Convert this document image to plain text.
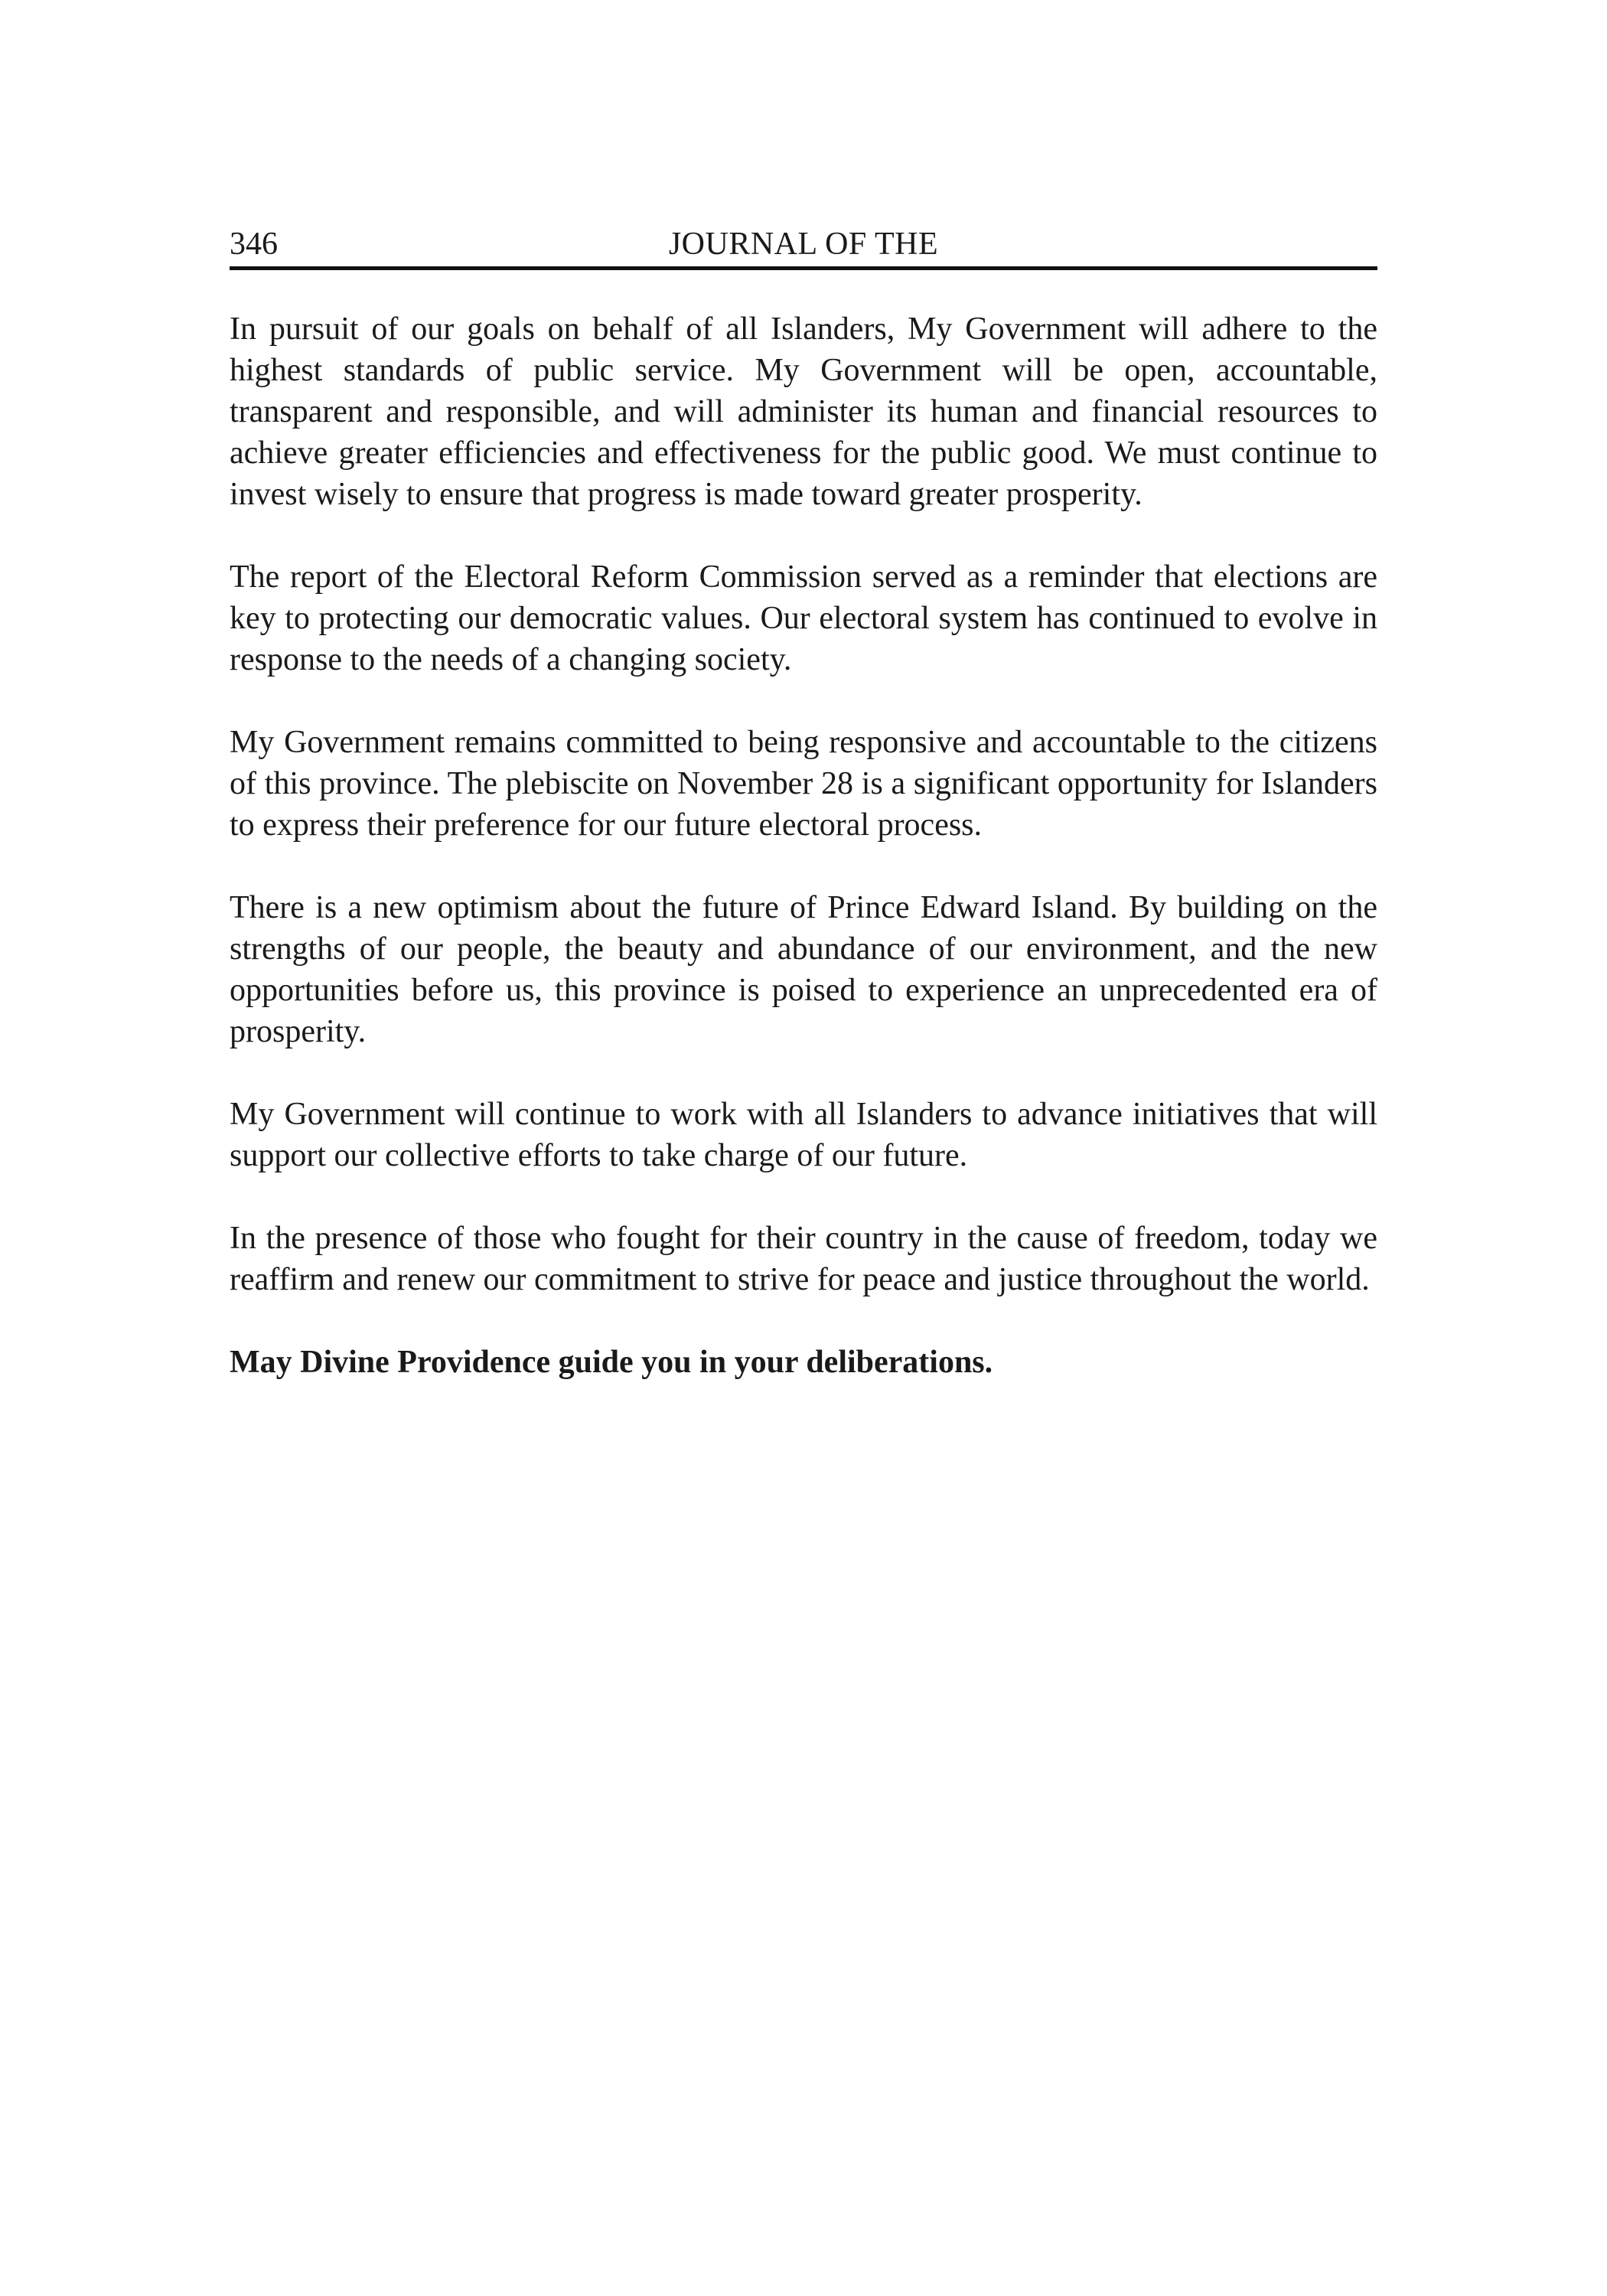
346	JOURNAL OF THE

In pursuit of our goals on behalf of all Islanders, My Government will adhere to the highest standards of public service. My Government will be open, accountable, transparent and responsible, and will administer its human and financial resources to achieve greater efficiencies and effectiveness for the public good. We must continue to invest wisely to ensure that progress is made toward greater prosperity.

The report of the Electoral Reform Commission served as a reminder that elections are key to protecting our democratic values. Our electoral system has continued to evolve in response to the needs of a changing society.

My Government remains committed to being responsive and accountable to the citizens of this province. The plebiscite on November 28 is a significant opportunity for Islanders to express their preference for our future electoral process.

There is a new optimism about the future of Prince Edward Island. By building on the strengths of our people, the beauty and abundance of our environment, and the new opportunities before us, this province is poised to experience an unprecedented era of prosperity.

My Government will continue to work with all Islanders to advance initiatives that will support our collective efforts to take charge of our future.

In the presence of those who fought for their country in the cause of freedom, today we reaffirm and renew our commitment to strive for peace and justice throughout the world.

May Divine Providence guide you in your deliberations.
